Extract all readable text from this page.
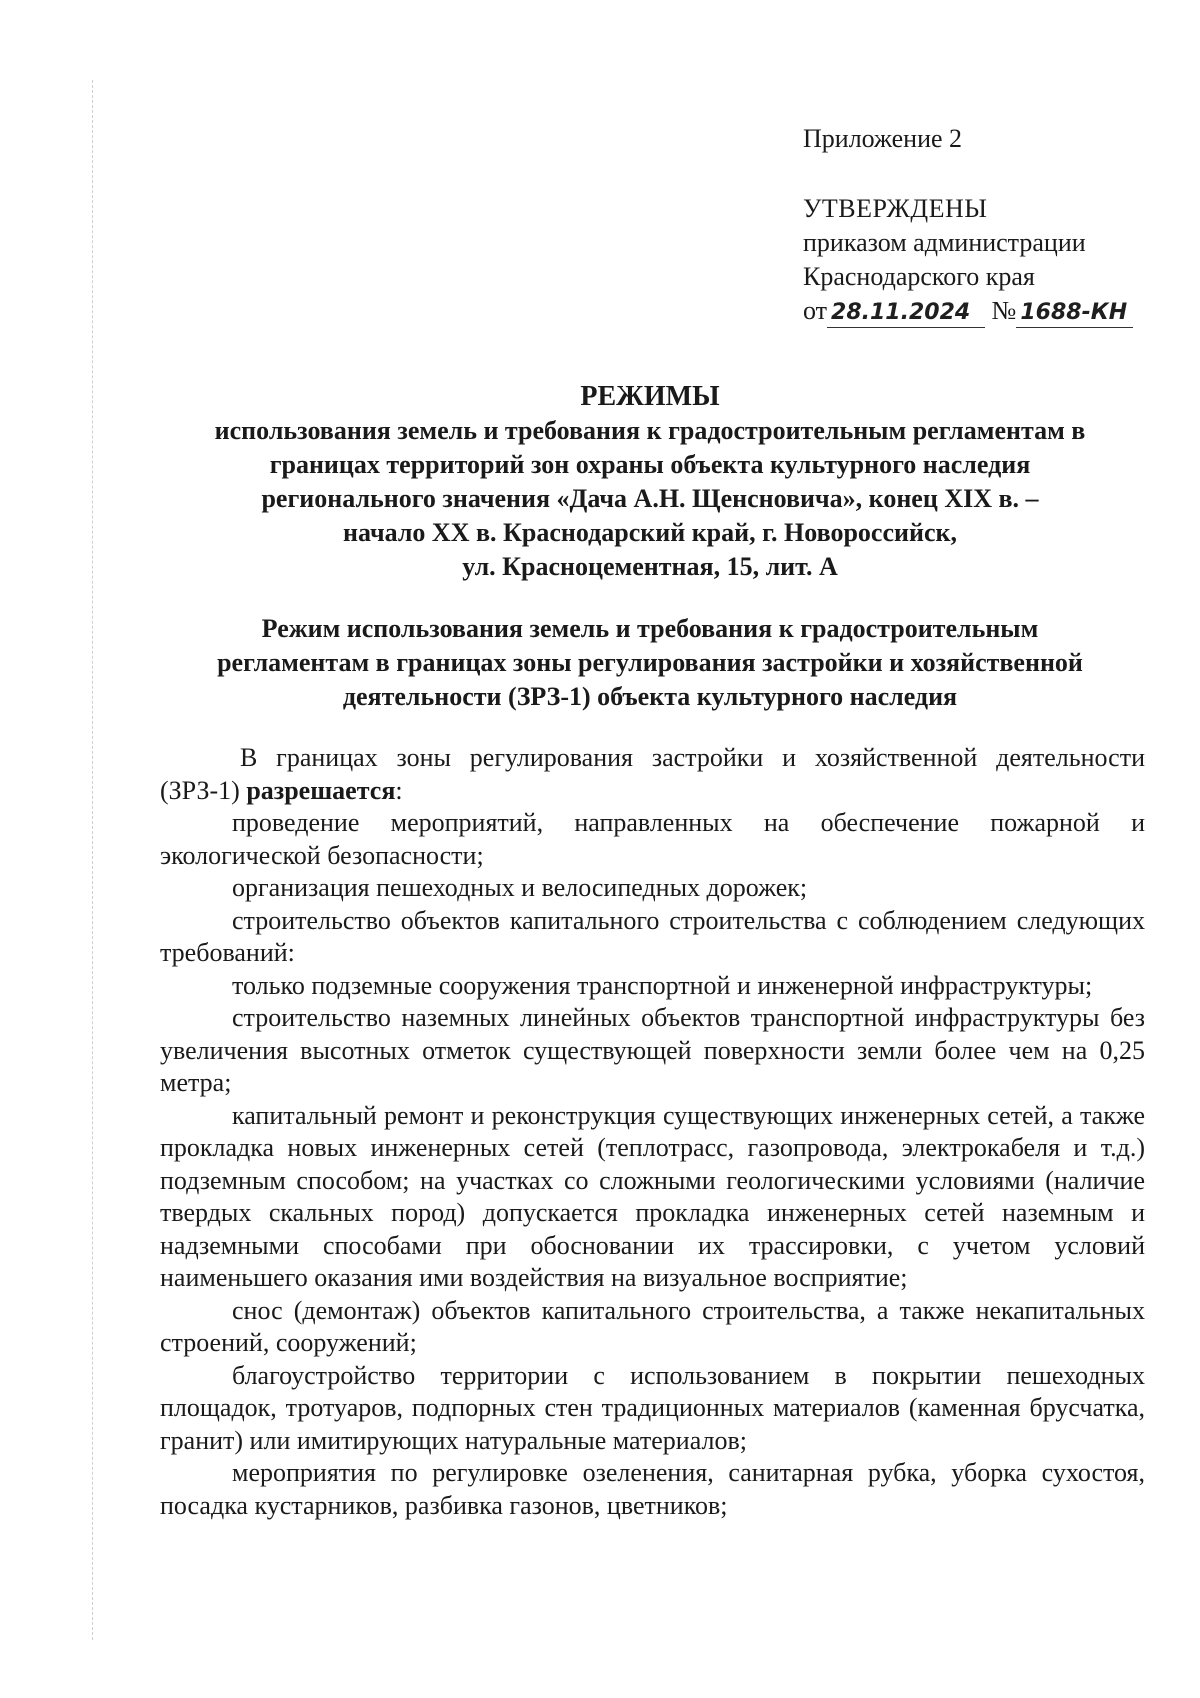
Приложение 2
УТВЕРЖДЕНЫ
приказом администрации
Краснодарского края
от 28.11.2024 № 1688-КН
РЕЖИМЫ
использования земель и требования к градостроительным регламентам в
границах территорий зон охраны объекта культурного наследия
регионального значения «Дача А.Н. Щенсновича», конец XIX в. –
начало XX в. Краснодарский край, г. Новороссийск,
ул. Красноцементная, 15, лит. А
Режим использования земель и требования к градостроительным
регламентам в границах зоны регулирования застройки и хозяйственной
деятельности (ЗРЗ-1) объекта культурного наследия

В границах зоны регулирования застройки и хозяйственной деятельности (ЗРЗ-1) разрешается:

проведение мероприятий, направленных на обеспечение пожарной и экологической безопасности;

организация пешеходных и велосипедных дорожек;

строительство объектов капитального строительства с соблюдением следующих требований:

только подземные сооружения транспортной и инженерной инфраструктуры;

строительство наземных линейных объектов транспортной инфраструктуры без увеличения высотных отметок существующей поверхности земли более чем на 0,25 метра;

капитальный ремонт и реконструкция существующих инженерных сетей, а также прокладка новых инженерных сетей (теплотрасс, газопровода, электрокабеля и т.д.) подземным способом; на участках со сложными геологическими условиями (наличие твердых скальных пород) допускается прокладка инженерных сетей наземным и надземными способами при обосновании их трассировки, с учетом условий наименьшего оказания ими воздействия на визуальное восприятие;

снос (демонтаж) объектов капитального строительства, а также некапитальных строений, сооружений;

благоустройство территории с использованием в покрытии пешеходных площадок, тротуаров, подпорных стен традиционных материалов (каменная брусчатка, гранит) или имитирующих натуральные материалов;

мероприятия по регулировке озеленения, санитарная рубка, уборка сухостоя, посадка кустарников, разбивка газонов, цветников;
